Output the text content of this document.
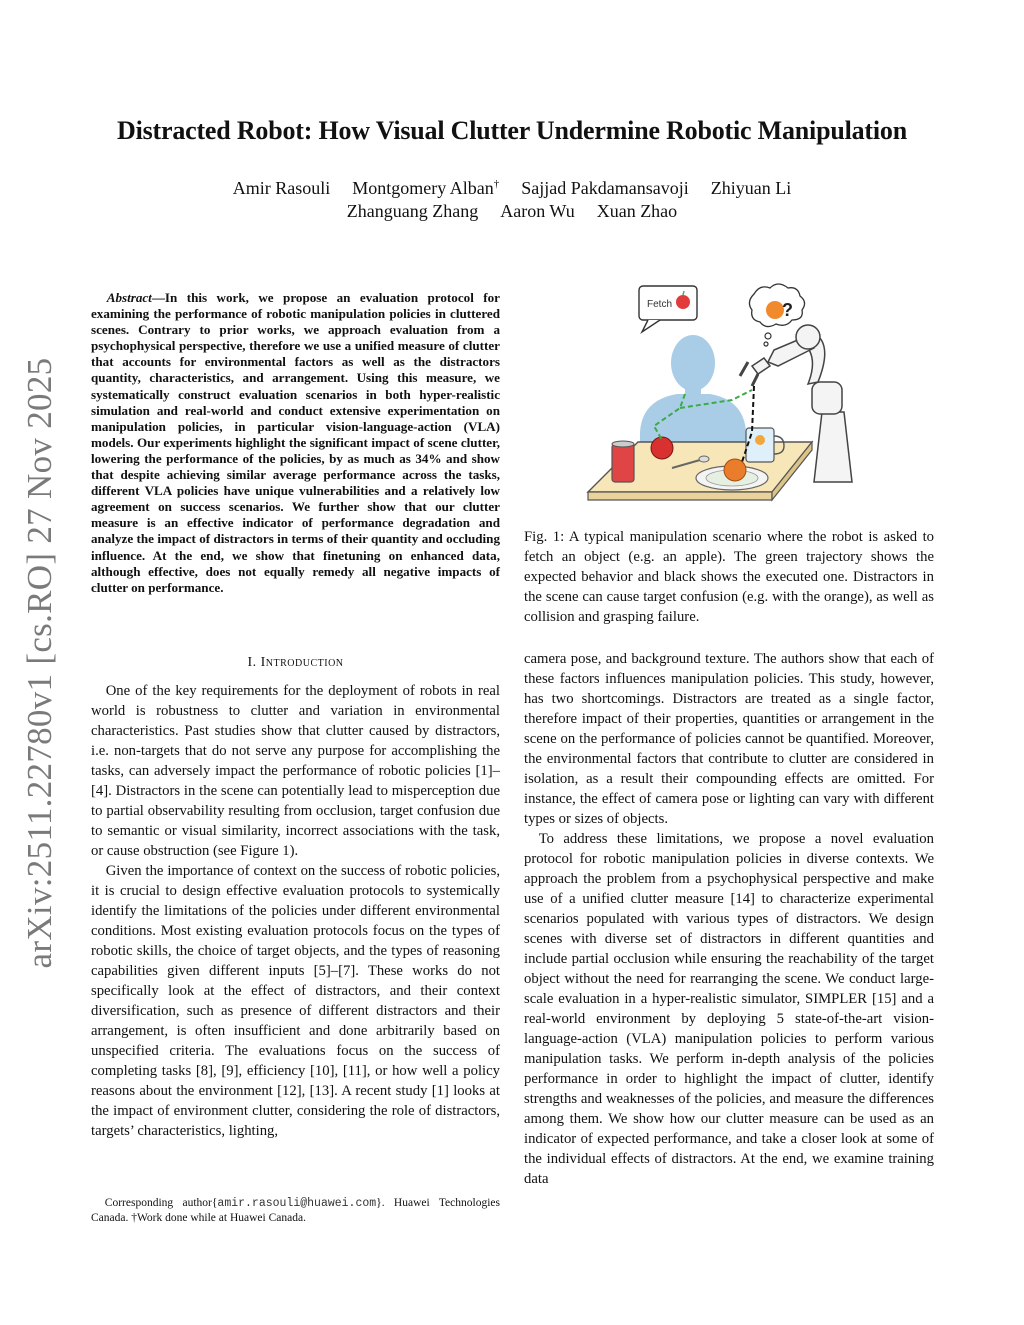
arXiv:2511.22780v1 [cs.RO] 27 Nov 2025
Distracted Robot: How Visual Clutter Undermine Robotic Manipulation
Amir Rasouli Montgomery Alban† Sajjad Pakdamansavoji Zhiyuan Li
Zhanguang Zhang Aaron Wu Xuan Zhao
Abstract—In this work, we propose an evaluation protocol for examining the performance of robotic manipulation policies in cluttered scenes. Contrary to prior works, we approach evaluation from a psychophysical perspective, therefore we use a unified measure of clutter that accounts for environmental factors as well as the distractors quantity, characteristics, and arrangement. Using this measure, we systematically construct evaluation scenarios in both hyper-realistic simulation and real-world and conduct extensive experimentation on manipulation policies, in particular vision-language-action (VLA) models. Our experiments highlight the significant impact of scene clutter, lowering the performance of the policies, by as much as 34% and show that despite achieving similar average performance across the tasks, different VLA policies have unique vulnerabilities and a relatively low agreement on success scenarios. We further show that our clutter measure is an effective indicator of performance degradation and analyze the impact of distractors in terms of their quantity and occluding influence. At the end, we show that finetuning on enhanced data, although effective, does not equally remedy all negative impacts of clutter on performance.
I. Introduction

One of the key requirements for the deployment of robots in real world is robustness to clutter and variation in environmental characteristics. Past studies show that clutter caused by distractors, i.e. non-targets that do not serve any purpose for accomplishing the tasks, can adversely impact the performance of robotic policies [1]–[4]. Distractors in the scene can potentially lead to misperception due to partial observability resulting from occlusion, target confusion due to semantic or visual similarity, incorrect associations with the task, or cause obstruction (see Figure 1).

Given the importance of context on the success of robotic policies, it is crucial to design effective evaluation protocols to systemically identify the limitations of the policies under different environmental conditions. Most existing evaluation protocols focus on the types of robotic skills, the choice of target objects, and the types of reasoning capabilities given different inputs [5]–[7]. These works do not specifically look at the effect of distractors, and their context diversification, such as presence of different distractors and their arrangement, is often insufficient and done arbitrarily based on unspecified criteria. The evaluations focus on the success of completing tasks [8], [9], efficiency [10], [11], or how well a policy reasons about the environment [12], [13]. A recent study [1] looks at the impact of environment clutter, considering the role of distractors, targets’ characteristics, lighting,

Fetch	?
Fig. 1: A typical manipulation scenario where the robot is asked to fetch an object (e.g. an apple). The green trajectory shows the expected behavior and black shows the executed one. Distractors in the scene can cause target confusion (e.g. with the orange), as well as collision and grasping failure.

camera pose, and background texture. The authors show that each of these factors influences manipulation policies. This study, however, has two shortcomings. Distractors are treated as a single factor, therefore impact of their properties, quantities or arrangement in the scene on the performance of policies cannot be quantified. Moreover, the environmental factors that contribute to clutter are considered in isolation, as a result their compounding effects are omitted. For instance, the effect of camera pose or lighting can vary with different types or sizes of objects.

To address these limitations, we propose a novel evaluation protocol for robotic manipulation policies in diverse contexts. We approach the problem from a psychophysical perspective and make use of a unified clutter measure [14] to characterize experimental scenarios populated with various types of distractors. We design scenes with diverse set of distractors in different quantities and include partial occlusion while ensuring the reachability of the target object without the need for rearranging the scene. We conduct large-scale evaluation in a hyper-realistic simulator, SIMPLER [15] and a real-world environment by deploying 5 state-of-the-art vision-language-action (VLA) manipulation policies to perform various manipulation tasks. We perform in-depth analysis of the policies performance in order to highlight the impact of clutter, identify strengths and weaknesses of the policies, and measure the differences among them. We show how our clutter measure can be used as an indicator of expected performance, and take a closer look at some of the individual effects of distractors. At the end, we examine training data

Corresponding author{amir.rasouli@huawei.com}. Huawei Technologies Canada. †Work done while at Huawei Canada.
